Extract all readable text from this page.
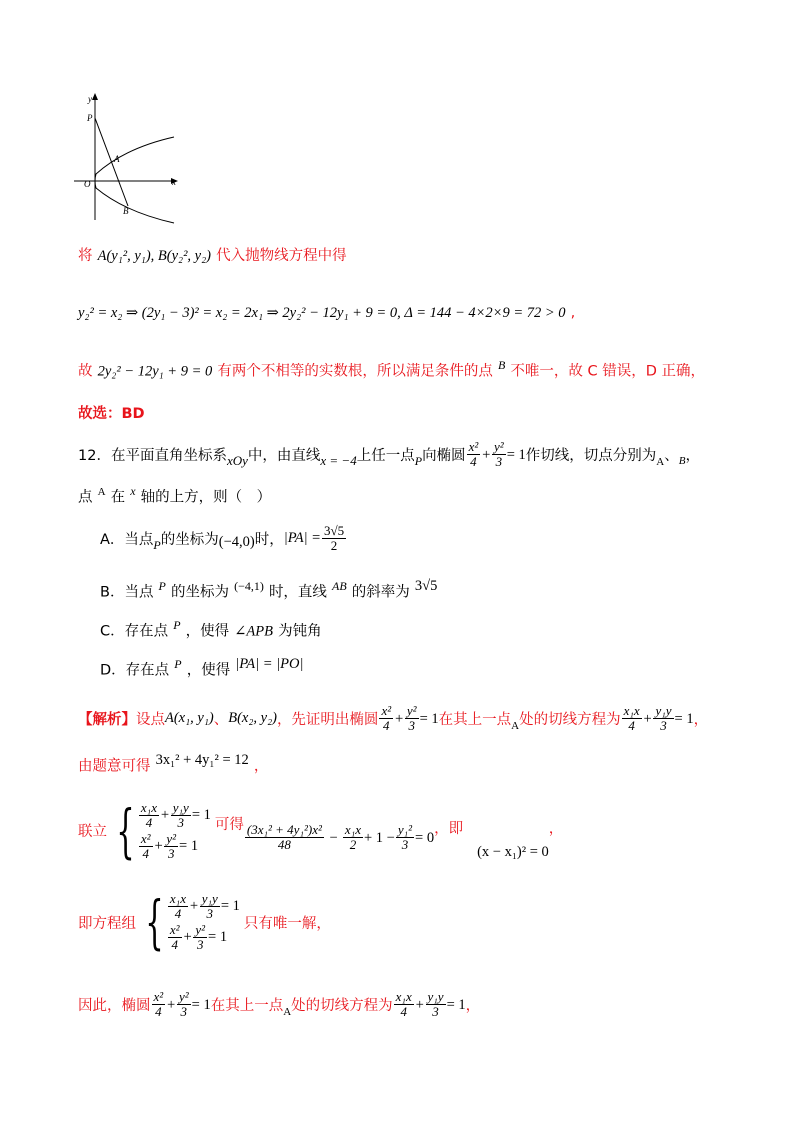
y
x
O
P
A
B
将 A(y₁², y₁), B(y₂², y₂) 代入抛物线方程中得
y₂² = x₂ ⇒ (2y₁ − 3)² = x₂ = 2x₁ ⇒ 2y₂² − 12y₁ + 9 = 0, Δ = 144 − 4×2×9 = 72 > 0 ,
故 2y₂² − 12y₁ + 9 = 0 有两个不相等的实数根，所以满足条件的点 $^B$ 不唯一，故 C 错误，D 正确，
故选：BD
12．在平面直角坐标系 xOy 中，由直线 x = −4 上任一点 P 向椭圆 $\frac{\text{x²}}{4} + \frac{\text{y²}}{3} = 1$ 作切线，切点分别为 A 、 B ，
点 $^A$ 在 $^x$ 轴的上方，则（　）
A．当点 P 的坐标为 (−4,0) 时， $|PA| = \frac{3√5}{2}$
B．当点 $^P$ 的坐标为 $^{(-4,1)}$ 时，直线 $^{AB}$ 的斜率为 3√5
C．存在点 $^P$ ，使得 ∠APB 为钝角
D．存在点 $^P$ ，使得 |PA| = |PO|
【解析】 设点 A(x₁, y₁) 、 B(x₂, y₂) ，先证明出椭圆 $\frac{\text{x²}}{4} + \frac{\text{y²}}{3} = 1$ 在其上一点 A 处的切线方程为 $\frac{\text{x₁x}}{4} + \frac{\text{y₁y}}{3} = 1$ ，
由题意可得 3x₁² + 4y₁² = 12 ，
联立 { $\frac{\text{x₁x}}{4} + \frac{\text{y₁y}}{3} = 1$
$\frac{\text{x²}}{4} + \frac{\text{y²}}{3} = 1$
可得 $\frac{\text{(3x₁² + 4y₁²)x²}}{48} - \frac{\text{x₁x}}{2} + 1 - \frac{\text{y₁²}}{3} = 0$
，即
(x − x₁)² = 0
，
即方程组 { $\frac{\text{x₁x}}{4} + \frac{\text{y₁y}}{3} = 1$
$\frac{\text{x²}}{4} + \frac{\text{y²}}{3} = 1$
只有唯一解，
因此，椭圆 $\frac{\text{x²}}{4} + \frac{\text{y²}}{3} = 1$ 在其上一点 A 处的切线方程为 $\frac{\text{x₁x}}{4} + \frac{\text{y₁y}}{3} = 1$ ，
